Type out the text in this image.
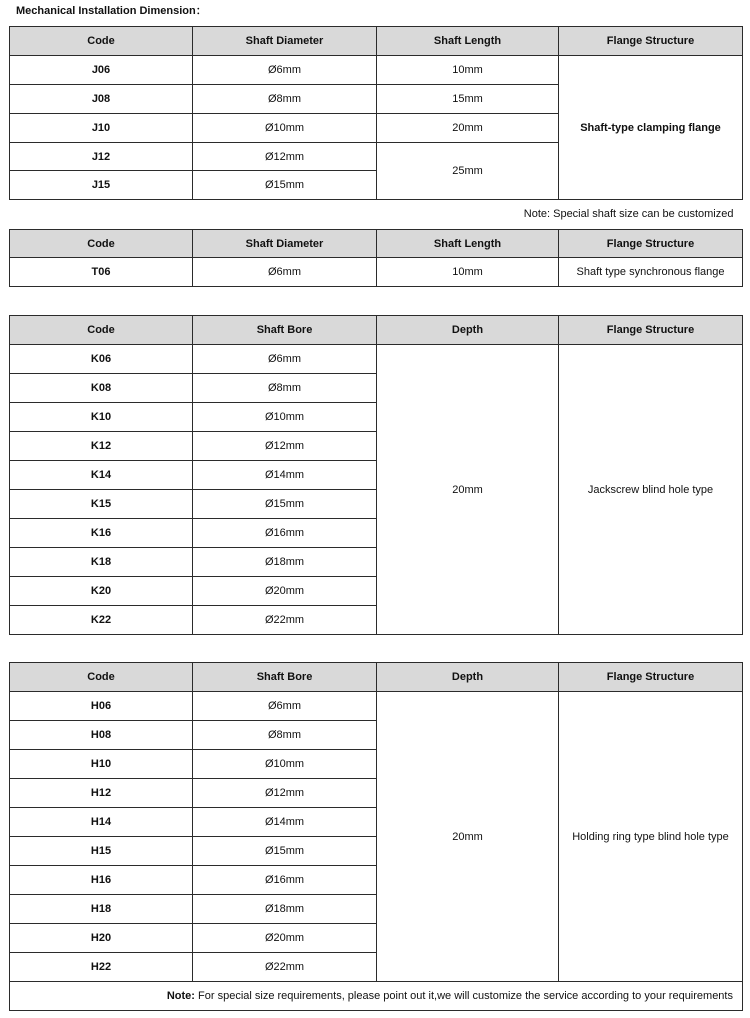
Mechanical Installation Dimension：
Code	Shaft Diameter	Shaft Length	Flange Structure
J06	Ø6mm	10mm	Shaft-type clamping flange
J08	Ø8mm	15mm	
J10	Ø10mm	20mm	
J12	Ø12mm	25mm	
J15	Ø15mm		
Note: Special shaft size can be customized			
Code	Shaft Diameter	Shaft Length	Flange Structure
T06	Ø6mm	10mm	Shaft type synchronous flange
Code	Shaft Bore	Depth	Flange Structure
K06	Ø6mm	20mm	Jackscrew blind hole type
K08	Ø8mm		
K10	Ø10mm		
K12	Ø12mm		
K14	Ø14mm		
K15	Ø15mm		
K16	Ø16mm		
K18	Ø18mm		
K20	Ø20mm		
K22	Ø22mm		

Code	Shaft Bore	Depth	Flange Structure
H06	Ø6mm	20mm	Holding ring type blind hole type
H08	Ø8mm		
H10	Ø10mm		
H12	Ø12mm		
H14	Ø14mm		
H15	Ø15mm		
H16	Ø16mm		
H18	Ø18mm		
H20	Ø20mm		
H22	Ø22mm		
Note: For special size requirements, please point out it,we will customize the service according to your requirements			
